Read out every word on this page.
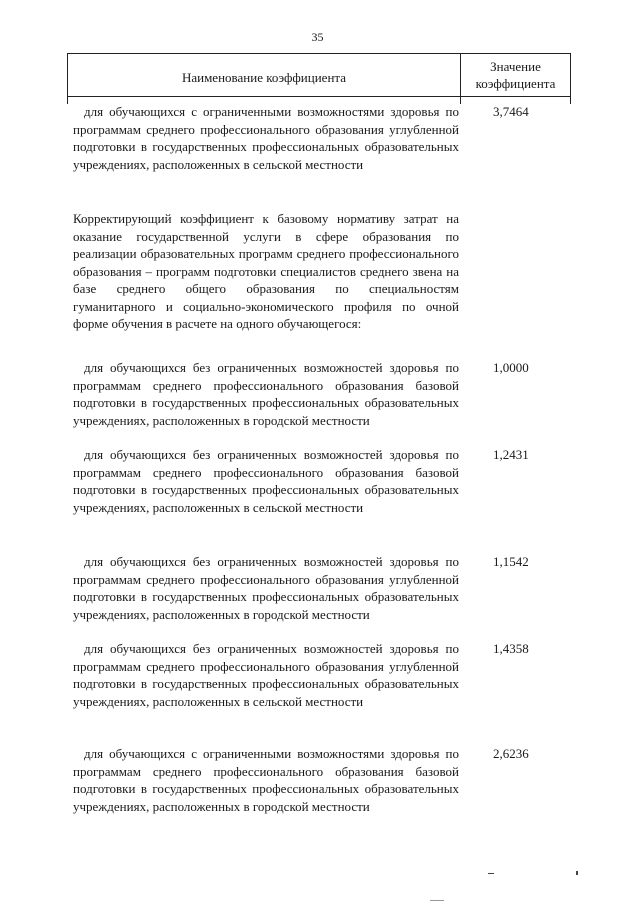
35
Наименование коэффициента
Значение
коэффициента

для обучающихся с ограниченными возможностями здоровья по программам среднего профессионального образования углубленной подготовки в государственных профессиональных образовательных учреждениях, расположенных в сельской местности

3,7464

Корректирующий коэффициент к базовому нормативу затрат на оказание государственной услуги в сфере образования по реализации образовательных программ среднего профессионального образования – программ подготовки специалистов среднего звена на базе среднего общего образования по специальностям гуманитарного и социально-экономического профиля по очной форме обучения в расчете на одного обучающегося:

для обучающихся без ограниченных возможностей здоровья по программам среднего профессионального образования базовой подготовки в государственных профессиональных образовательных учреждениях, расположенных в городской местности

1,0000

для обучающихся без ограниченных возможностей здоровья по программам среднего профессионального образования базовой подготовки в государственных профессиональных образовательных учреждениях, расположенных в сельской местности

1,2431

для обучающихся без ограниченных возможностей здоровья по программам среднего профессионального образования углубленной подготовки в государственных профессиональных образовательных учреждениях, расположенных в городской местности

1,1542

для обучающихся без ограниченных возможностей здоровья по программам среднего профессионального образования углубленной подготовки в государственных профессиональных образовательных учреждениях, расположенных в сельской местности

1,4358

для обучающихся с ограниченными возможностями здоровья по программам среднего профессионального образования базовой подготовки в государственных профессиональных образовательных учреждениях, расположенных в городской местности

2,6236
